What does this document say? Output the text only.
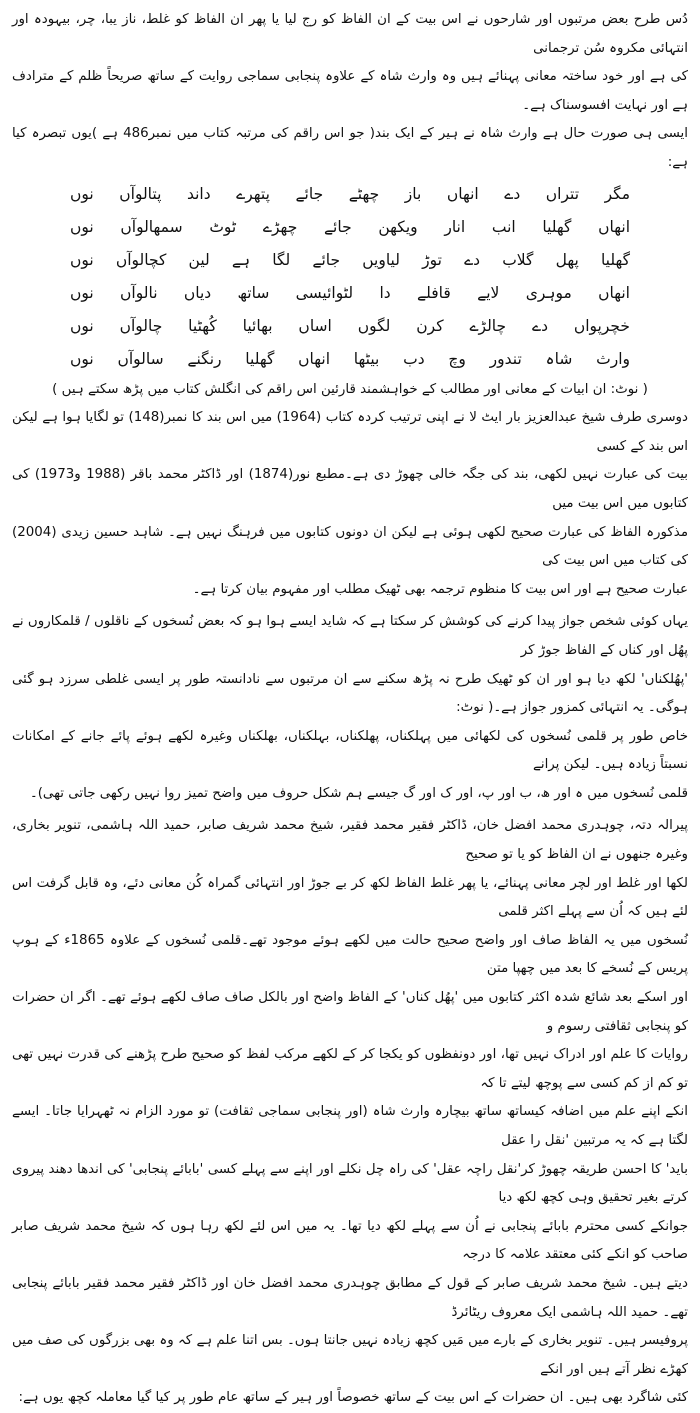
دُس طرح بعض مرتبوں اور شارحوں نے اس بیت کے ان الفاظ کو رج لیا یا پھر ان الفاظ کو غلط، ناز یبا، چر، بیہودہ اور انتہائی مکروہ سُن ترجمانی

کی ہے اور خود ساختہ معانی پہنائے ہیں وہ وارث شاہ کے علاوہ پنجابی سماجی روایت کے ساتھ صریحاً ظلم کے مترادف ہے اور نہایت افسوسناک ہے۔

ایسی ہی صورت حال ہے وارث شاہ نے ہیر کے ایک بند( جو اس راقم کی مرتبہ کتاب میں نمبر486 ہے )یوں تبصرہ کیا ہے:

مگر تتراں دے انھاں باز چھٹے جائے پتھرے داند پتالوآں نوں

انھاں گھلیا انب انار ویکھن جائے چھڑے ٹوٹ سمھالوآں نوں

گھلیا پھل گلاب دے توڑ لیاویں جائے لگا ہے لین کچالوآں نوں

انھاں موہری لایے قافلے دا لٹوائیسی ساتھ دیاں نالوآں نوں

خچرپواں دے چالڑے کرن لگوں اساں بھائیا کُھٹیا چالوآں نوں

وارث شاہ تندور وچ دب بیٹھا انھاں گھلیا رنگنے سالوآں نوں

( نوٹ: ان ابیات کے معانی اور مطالب کے خواہشمند قارئین اس راقم کی انگلش کتاب میں پڑھ سکتے ہیں )

دوسری طرف شیخ عبدالعزیز بار ایٹ لا نے اپنی ترتیب کردہ کتاب (1964) میں اس بند کا نمبر(148) تو لگایا ہوا ہے لیکن اس بند کے کسی

بیت کی عبارت نہیں لکھی، بند کی جگہ خالی چھوڑ دی ہے۔مطبع نور(1874) اور ڈاکٹر محمد باقر (1988 و1973) کی کتابوں میں اس بیت میں

مذکورہ الفاظ کی عبارت صحیح لکھی ہوئی ہے لیکن ان دونوں کتابوں میں فرہنگ نہیں ہے۔ شاہد حسین زیدی (2004) کی کتاب میں اس بیت کی

عبارت صحیح ہے اور اس بیت کا منظوم ترجمہ بھی ٹھیک مطلب اور مفہوم بیان کرتا ہے۔

یہاں کوئی شخص جواز پیدا کرنے کی کوشش کر سکتا ہے کہ شاید ایسے ہوا ہو کہ بعض نُسخوں کے ناقلوں / قلمکاروں نے پھُل اور کناں کے الفاظ جوڑ کر

'پھُلکناں' لکھ دیا ہو اور ان کو ٹھیک طرح نہ پڑھ سکنے سے ان مرتبوں سے نادانستہ طور پر ایسی غلطی سرزد ہو گئی ہوگی۔ یہ انتہائی کمزور جواز ہے۔( نوٹ:

خاص طور پر قلمی نُسخوں کی لکھائی میں پہلکناں، پھلکناں، بہلکناں، بھلکناں وغیرہ لکھے ہوئے پائے جانے کے امکانات نسبتاً زیادہ ہیں۔ لیکن پرانے

قلمی نُسخوں میں ہ اور ھ، ب اور پ، اور ک اور گ جیسے ہم شکل حروف میں واضح تمیز روا نہیں رکھی جاتی تھی)۔

پیرالہ دتہ، چوہدری محمد افضل خان، ڈاکٹر فقیر محمد فقیر، شیخ محمد شریف صابر، حمید اللہ ہاشمی، تنویر بخاری، وغیرہ جنھوں نے ان الفاظ کو یا تو صحیح

لکھا اور غلط اور لچر معانی پہنائے، یا پھر غلط الفاظ لکھ کر بے جوڑ اور انتہائی گمراہ کُن معانی دئے، وہ قابل گرفت اس لئے ہیں کہ اُن سے پہلے اکثر قلمی

نُسخوں میں یہ الفاظ صاف اور واضح صحیح حالت میں لکھے ہوئے موجود تھے۔قلمی نُسخوں کے علاوہ 1865ء کے ہوپ پریس کے نُسخے کا بعد میں چھپا متن

اور اسکے بعد شائع شدہ اکثر کتابوں میں 'پھُل کناں' کے الفاظ واضح اور بالکل صاف صاف لکھے ہوئے تھے۔ اگر ان حضرات کو پنجابی ثقافتی رسوم و

روایات کا علم اور ادراک نہیں تھا، اور دونفظوں کو یکجا کر کے لکھے مرکب لفظ کو صحیح طرح پڑھنے کی قدرت نہیں تھی تو کم از کم کسی سے پوچھ لیتے تا کہ

انکے اپنے علم میں اضافہ کیساتھ ساتھ بیچارہ وارث شاہ (اور پنجابی سماجی ثقافت) تو مورد الزام نہ ٹھہرایا جاتا۔ ایسے لگتا ہے کہ یہ مرتبین 'نقل را عقل

باید' کا احسن طریقہ چھوڑ کر'نقل راچہ عقل' کی راہ چل نکلے اور اپنے سے پہلے کسی 'بابائے پنجابی' کی اندھا دھند پیروی کرتے بغیر تحقیق وہی کچھ لکھ دیا

جوانکے کسی محترم بابائے پنجابی نے اُن سے پہلے لکھ دیا تھا۔ یہ میں اس لئے لکھ رہا ہوں کہ شیخ محمد شریف صابر صاحب کو انکے کئی معتقد علامہ کا درجہ

دیتے ہیں۔ شیخ محمد شریف صابر کے قول کے مطابق چوہدری محمد افضل خان اور ڈاکٹر فقیر محمد فقیر بابائے پنجابی تھے۔ حمید اللہ ہاشمی ایک معروف ریٹائرڈ

پروفیسر ہیں۔ تنویر بخاری کے بارے میں مَیں کچھ زیادہ نہیں جانتا ہوں۔ بس اتنا علم ہے کہ وہ بھی بزرگوں کی صف میں کھڑے نظر آتے ہیں اور انکے

کئی شاگرد بھی ہیں۔ ان حضرات کے اس بیت کے ساتھ خصوصاً اور ہیر کے ساتھ عام طور پر کیا گیا معاملہ کچھ یوں ہے:
